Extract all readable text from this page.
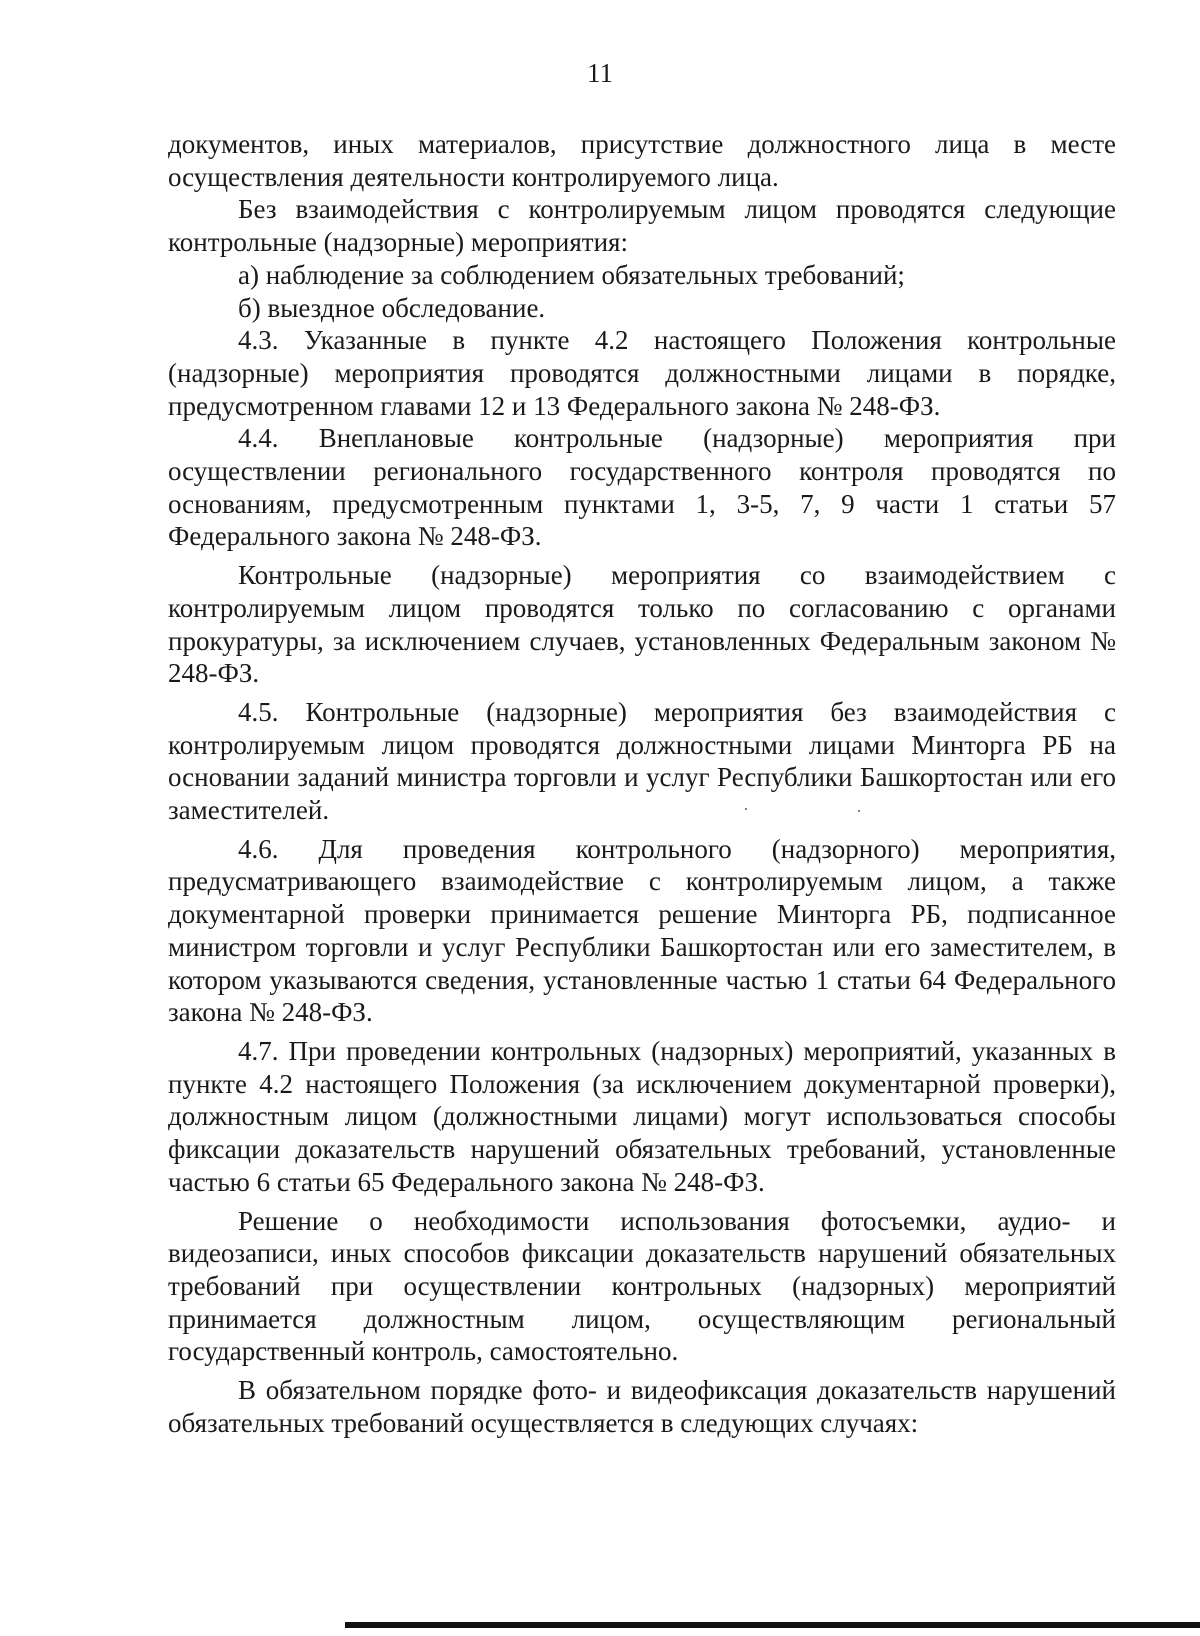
11

документов, иных материалов, присутствие должностного лица в месте осуществления деятельности контролируемого лица.

Без взаимодействия с контролируемым лицом проводятся следующие контрольные (надзорные) мероприятия:

а) наблюдение за соблюдением обязательных требований;

б) выездное обследование.

4.3. Указанные в пункте 4.2 настоящего Положения контрольные (надзорные) мероприятия проводятся должностными лицами в порядке, предусмотренном главами 12 и 13 Федерального закона № 248-ФЗ.

4.4. Внеплановые контрольные (надзорные) мероприятия при осуществлении регионального государственного контроля проводятся по основаниям, предусмотренным пунктами 1, 3-5, 7, 9 части 1 статьи 57 Федерального закона № 248-ФЗ.

Контрольные (надзорные) мероприятия со взаимодействием с контролируемым лицом проводятся только по согласованию с органами прокуратуры, за исключением случаев, установленных Федеральным законом № 248-ФЗ.

4.5. Контрольные (надзорные) мероприятия без взаимодействия с контролируемым лицом проводятся должностными лицами Минторга РБ на основании заданий министра торговли и услуг Республики Башкортостан или его заместителей.

4.6. Для проведения контрольного (надзорного) мероприятия, предусматривающего взаимодействие с контролируемым лицом, а также документарной проверки принимается решение Минторга РБ, подписанное министром торговли и услуг Республики Башкортостан или его заместителем, в котором указываются сведения, установленные частью 1 статьи 64 Федерального закона № 248-ФЗ.

4.7. При проведении контрольных (надзорных) мероприятий, указанных в пункте 4.2 настоящего Положения (за исключением документарной проверки), должностным лицом (должностными лицами) могут использоваться способы фиксации доказательств нарушений обязательных требований, установленные частью 6 статьи 65 Федерального закона № 248-ФЗ.

Решение о необходимости использования фотосъемки, аудио- и видеозаписи, иных способов фиксации доказательств нарушений обязательных требований при осуществлении контрольных (надзорных) мероприятий принимается должностным лицом, осуществляющим региональный государственный контроль, самостоятельно.

В обязательном порядке фото- и видеофиксация доказательств нарушений обязательных требований осуществляется в следующих случаях:
